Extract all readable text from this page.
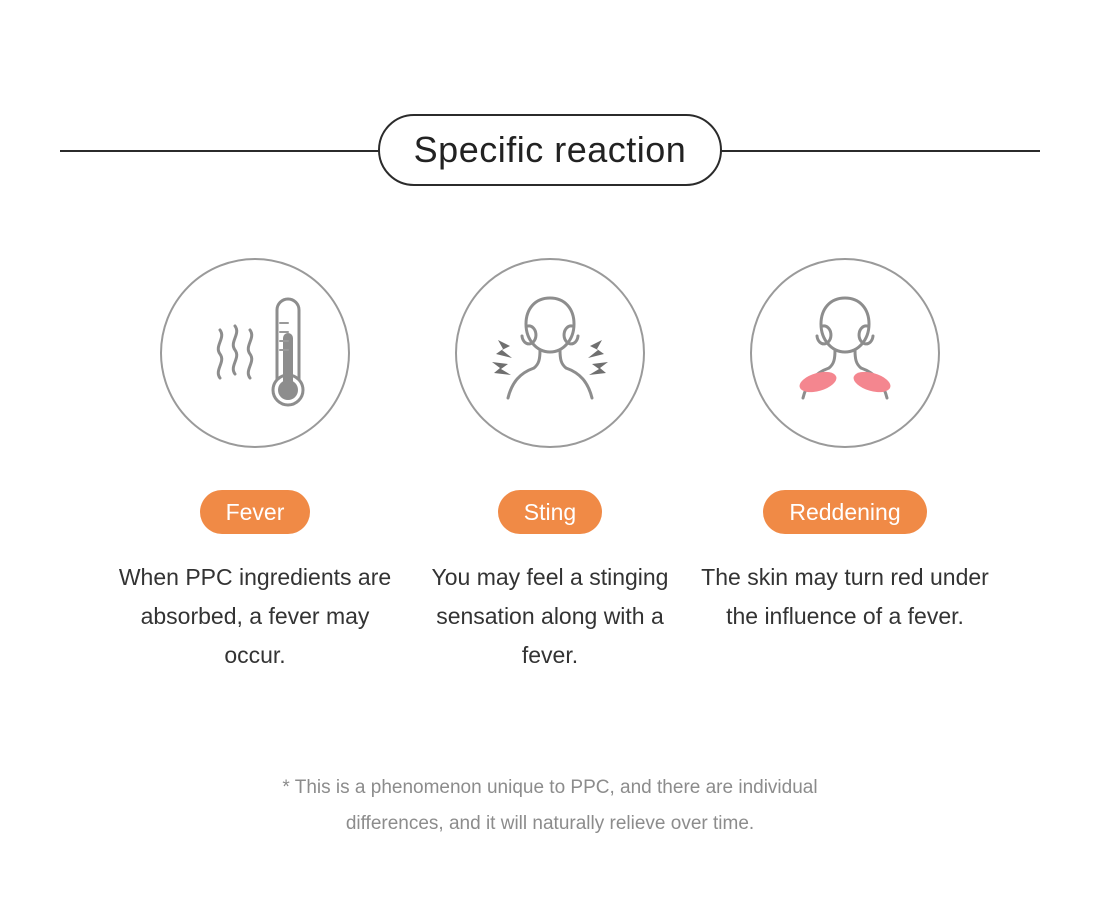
Specific reaction
Fever
When PPC ingredients are absorbed, a fever may occur.
Sting
You may feel a stinging sensation along with a fever.
Reddening
The skin may turn red under the influence of a fever.
* This is a phenomenon unique to PPC, and there are individual
differences, and it will naturally relieve over time.
